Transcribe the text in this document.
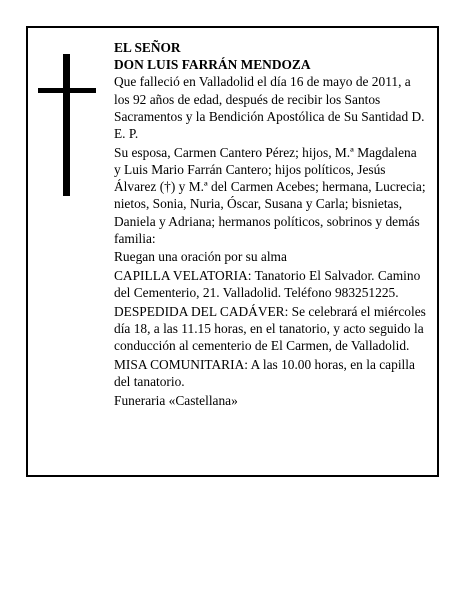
EL SEÑOR

DON LUIS FARRÁN MENDOZA

Que falleció en Valladolid el día 16 de mayo de 2011, a los 92 años de edad, después de recibir los Santos Sacramentos y la Bendición Apostólica de Su Santidad D. E. P.

Su esposa, Carmen Cantero Pérez; hijos, M.ª Magdalena y Luis Mario Farrán Cantero; hijos políticos, Jesús Álvarez (†) y M.ª del Carmen Acebes; hermana, Lucrecia; nietos, Sonia, Nuria, Óscar, Susana y Carla; bisnietas, Daniela y Adriana; hermanos políticos, sobrinos y demás familia:

Ruegan una oración por su alma

CAPILLA VELATORIA: Tanatorio El Salvador. Camino del Cementerio, 21. Valladolid. Teléfono 983251225.

DESPEDIDA DEL CADÁVER: Se celebrará el miércoles día 18, a las 11.15 horas, en el tanatorio, y acto seguido la conducción al cementerio de El Carmen, de Valladolid.

MISA COMUNITARIA: A las 10.00 horas, en la capilla del tanatorio.

Funeraria «Castellana»
